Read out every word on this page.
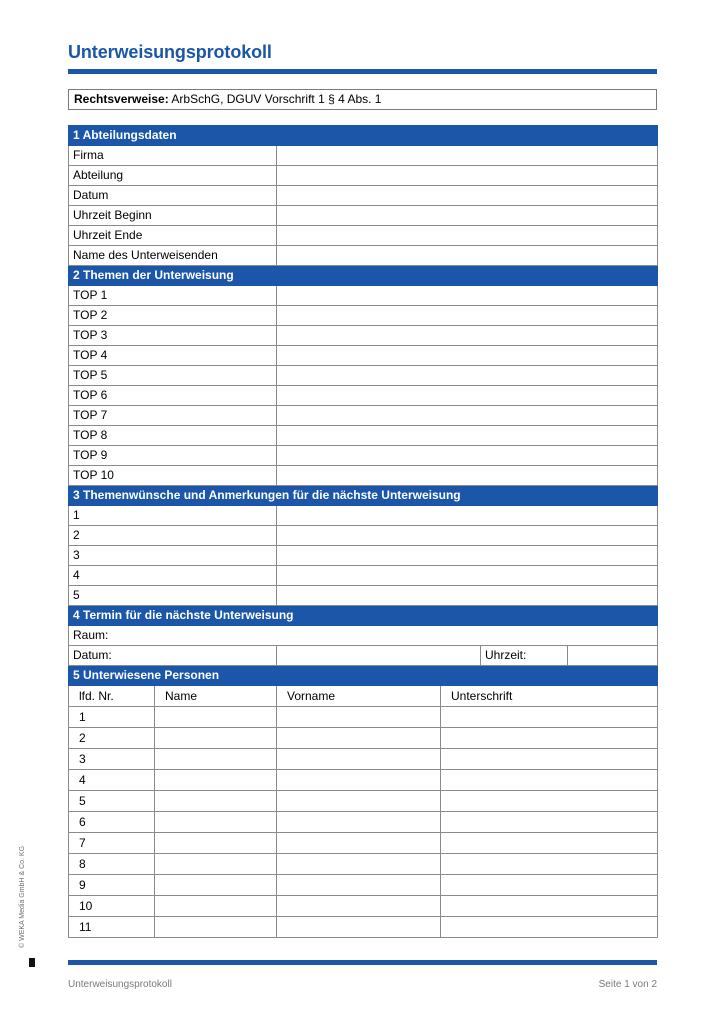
Unterweisungsprotokoll
Rechtsverweise: ArbSchG, DGUV Vorschrift 1 § 4 Abs. 1
1 Abteilungsdaten					
Firma					
Abteilung					
Datum					
Uhrzeit Beginn					
Uhrzeit Ende					
Name des Unterweisenden					
2 Themen der Unterweisung					
TOP 1					
TOP 2					
TOP 3					
TOP 4					
TOP 5					
TOP 6					
TOP 7					
TOP 8					
TOP 9					
TOP 10					
3 Themenwünsche und Anmerkungen für die nächste Unterweisung					
1					
2					
3					
4					
5					
4 Termin für die nächste Unterweisung					
Raum:					
Datum:				Uhrzeit:	
5 Unterwiesene Personen					
lfd. Nr.	Name	Vorname	Unterschrift		
1					
2					
3					
4					
5					
6					
7					
8					
9					
10					
11					
© WEKA Media GmbH & Co. KG
Unterweisungsprotokoll	Seite 1 von 2
